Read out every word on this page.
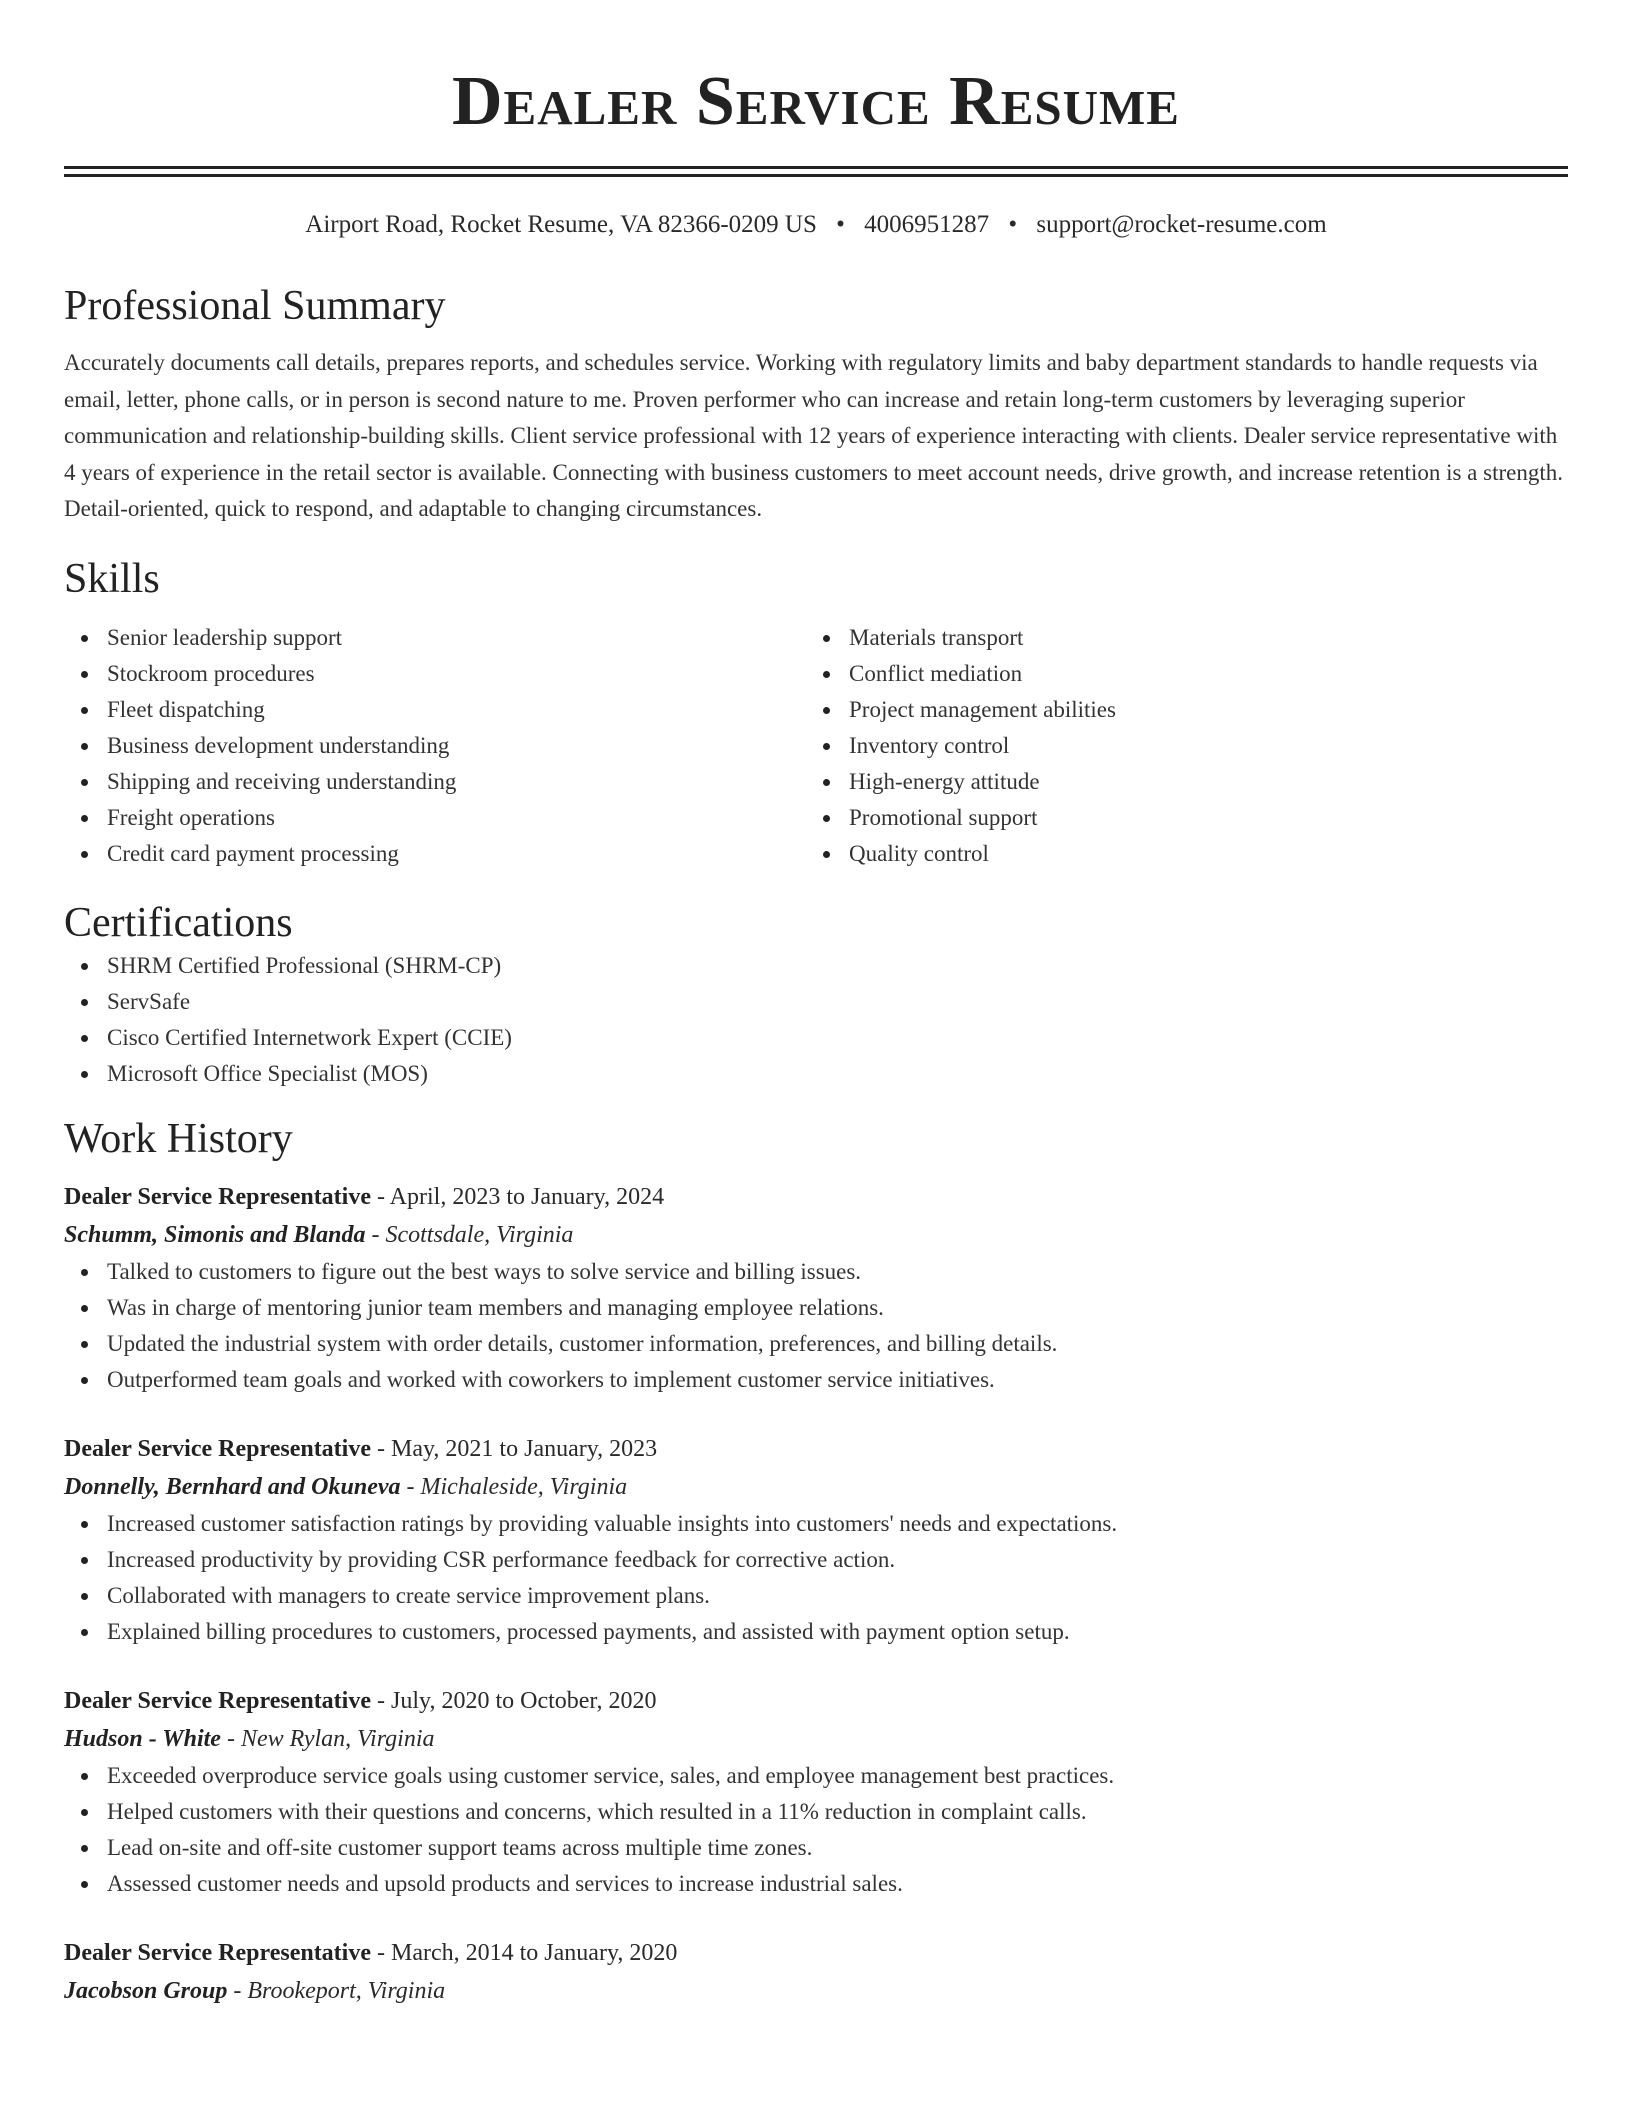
Dealer Service Resume
Airport Road, Rocket Resume, VA 82366-0209 US • 4006951287 • support@rocket-resume.com
Professional Summary

Accurately documents call details, prepares reports, and schedules service. Working with regulatory limits and baby department standards to handle requests via email, letter, phone calls, or in person is second nature to me. Proven performer who can increase and retain long-term customers by leveraging superior communication and relationship-building skills. Client service professional with 12 years of experience interacting with clients. Dealer service representative with 4 years of experience in the retail sector is available. Connecting with business customers to meet account needs, drive growth, and increase retention is a strength. Detail-oriented, quick to respond, and adaptable to changing circumstances.

Skills
Senior leadership support
Stockroom procedures
Fleet dispatching
Business development understanding
Shipping and receiving understanding
Freight operations
Credit card payment processing
Materials transport
Conflict mediation
Project management abilities
Inventory control
High-energy attitude
Promotional support
Quality control
Certifications
SHRM Certified Professional (SHRM-CP)
ServSafe
Cisco Certified Internetwork Expert (CCIE)
Microsoft Office Specialist (MOS)
Work History
Dealer Service Representative - April, 2023 to January, 2024
Schumm, Simonis and Blanda - Scottsdale, Virginia
Talked to customers to figure out the best ways to solve service and billing issues.
Was in charge of mentoring junior team members and managing employee relations.
Updated the industrial system with order details, customer information, preferences, and billing details.
Outperformed team goals and worked with coworkers to implement customer service initiatives.
Dealer Service Representative - May, 2021 to January, 2023
Donnelly, Bernhard and Okuneva - Michaleside, Virginia
Increased customer satisfaction ratings by providing valuable insights into customers' needs and expectations.
Increased productivity by providing CSR performance feedback for corrective action.
Collaborated with managers to create service improvement plans.
Explained billing procedures to customers, processed payments, and assisted with payment option setup.
Dealer Service Representative - July, 2020 to October, 2020
Hudson - White - New Rylan, Virginia
Exceeded overproduce service goals using customer service, sales, and employee management best practices.
Helped customers with their questions and concerns, which resulted in a 11% reduction in complaint calls.
Lead on-site and off-site customer support teams across multiple time zones.
Assessed customer needs and upsold products and services to increase industrial sales.
Dealer Service Representative - March, 2014 to January, 2020
Jacobson Group - Brookeport, Virginia
